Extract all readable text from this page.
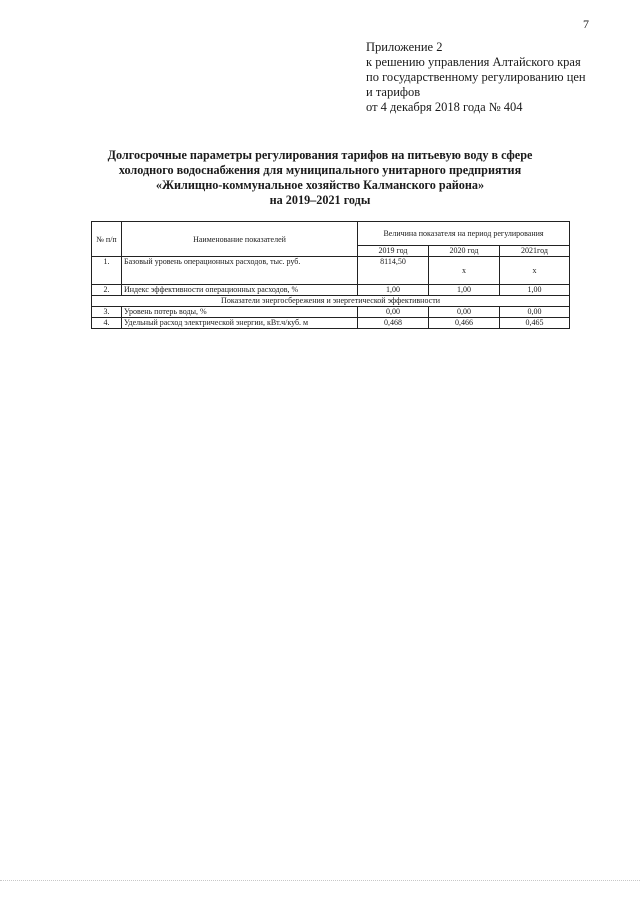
7
Приложение 2
к решению управления Алтайского края
по государственному регулированию цен
и тарифов
от 4 декабря 2018 года № 404
Долгосрочные параметры регулирования тарифов на питьевую воду в сфере
холодного водоснабжения для муниципального унитарного предприятия
«Жилищно-коммунальное хозяйство Калманского района»
на 2019–2021 годы
№ п/п	Наименование показателей	Величина показателя на период регулирования		
		2019 год	2020 год	2021год
1.	Базовый уровень операционных расходов, тыс. руб.	8114,50	x	x
2.	Индекс эффективности операционных расходов, %	1,00	1,00	1,00
Показатели энергосбережения и энергетической эффективности				
3.	Уровень потерь воды, %	0,00	0,00	0,00
4.	Удельный расход электрической энергии, кВт.ч/куб. м	0,468	0,466	0,465
